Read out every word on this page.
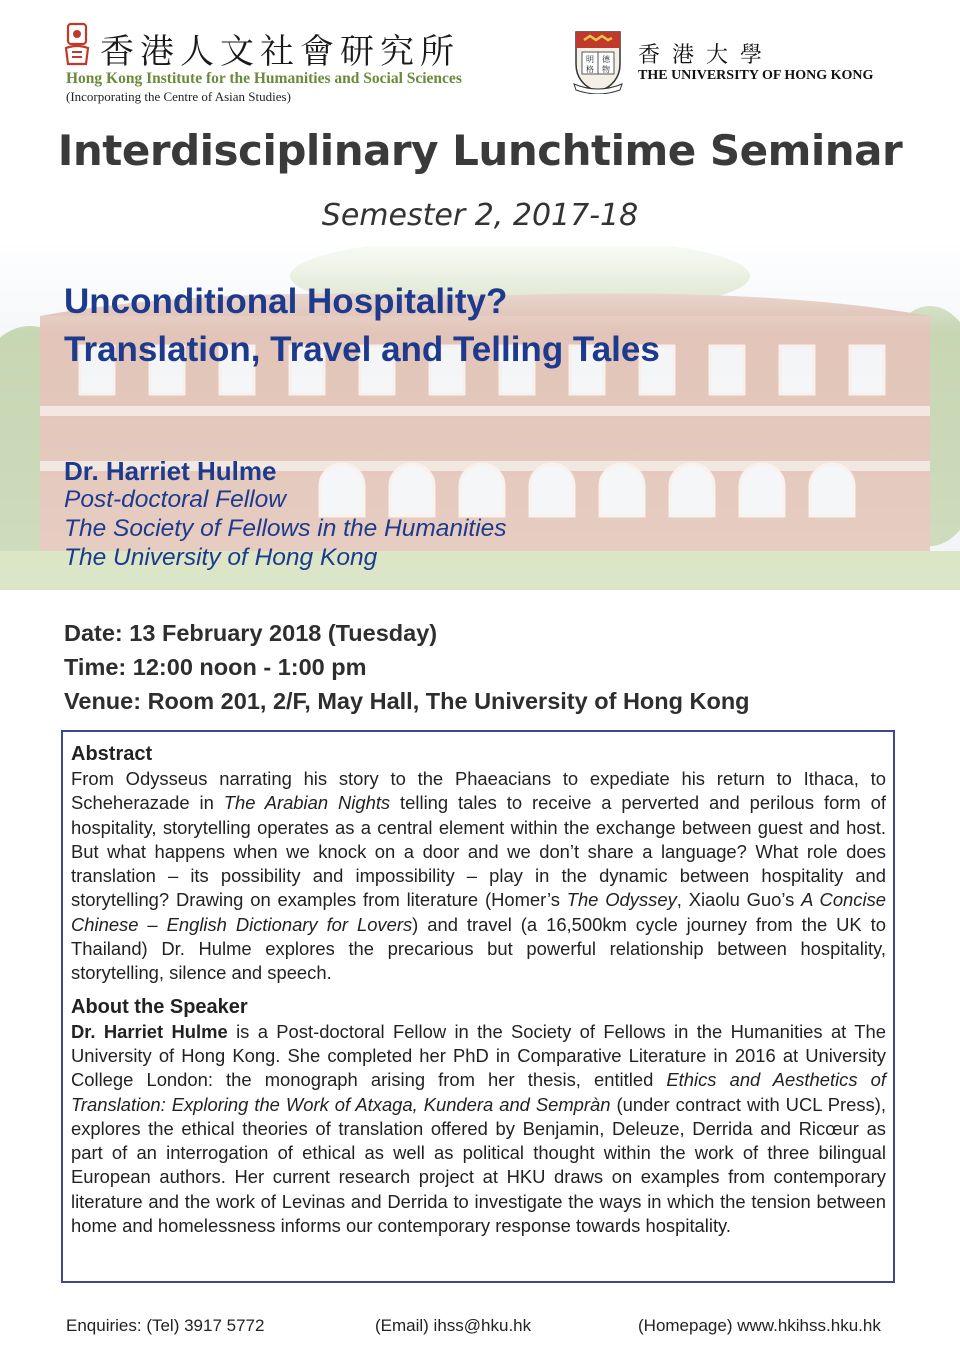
香港人文社會研究所
Hong Kong Institute for the Humanities and Social Sciences
(Incorporating the Centre of Asian Studies)
明 德
格 物
香港大學
THE UNIVERSITY OF HONG KONG
Interdisciplinary Lunchtime Seminar
Semester 2, 2017-18
Unconditional Hospitality?
Translation, Travel and Telling Tales
Dr. Harriet Hulme
Post-doctoral Fellow
The Society of Fellows in the Humanities
The University of Hong Kong
Date: 13 February 2018 (Tuesday)
Time: 12:00 noon - 1:00 pm
Venue: Room 201, 2/F, May Hall, The University of Hong Kong
Abstract

From Odysseus narrating his story to the Phaeacians to expediate his return to Ithaca, to Scheherazade in The Arabian Nights telling tales to receive a perverted and perilous form of hospitality, storytelling operates as a central element within the exchange between guest and host. But what happens when we knock on a door and we don’t share a language? What role does translation – its possibility and impossibility – play in the dynamic between hospitality and storytelling? Drawing on examples from literature (Homer’s The Odyssey, Xiaolu Guo’s A Concise Chinese – English Dictionary for Lovers) and travel (a 16,500km cycle journey from the UK to Thailand) Dr. Hulme explores the precarious but powerful relationship between hospitality, storytelling, silence and speech.

About the Speaker

Dr. Harriet Hulme is a Post-doctoral Fellow in the Society of Fellows in the Humanities at The University of Hong Kong. She completed her PhD in Comparative Literature in 2016 at University College London: the monograph arising from her thesis, entitled Ethics and Aesthetics of Translation: Exploring the Work of Atxaga, Kundera and Sempràn (under contract with UCL Press), explores the ethical theories of translation offered by Benjamin, Deleuze, Derrida and Ricœur as part of an interrogation of ethical as well as political thought within the work of three bilingual European authors. Her current research project at HKU draws on examples from contemporary literature and the work of Levinas and Derrida to investigate the ways in which the tension between home and homelessness informs our contemporary response towards hospitality.

Enquiries: (Tel) 3917 5772	(Email) ihss@hku.hk	(Homepage) www.hkihss.hku.hk
